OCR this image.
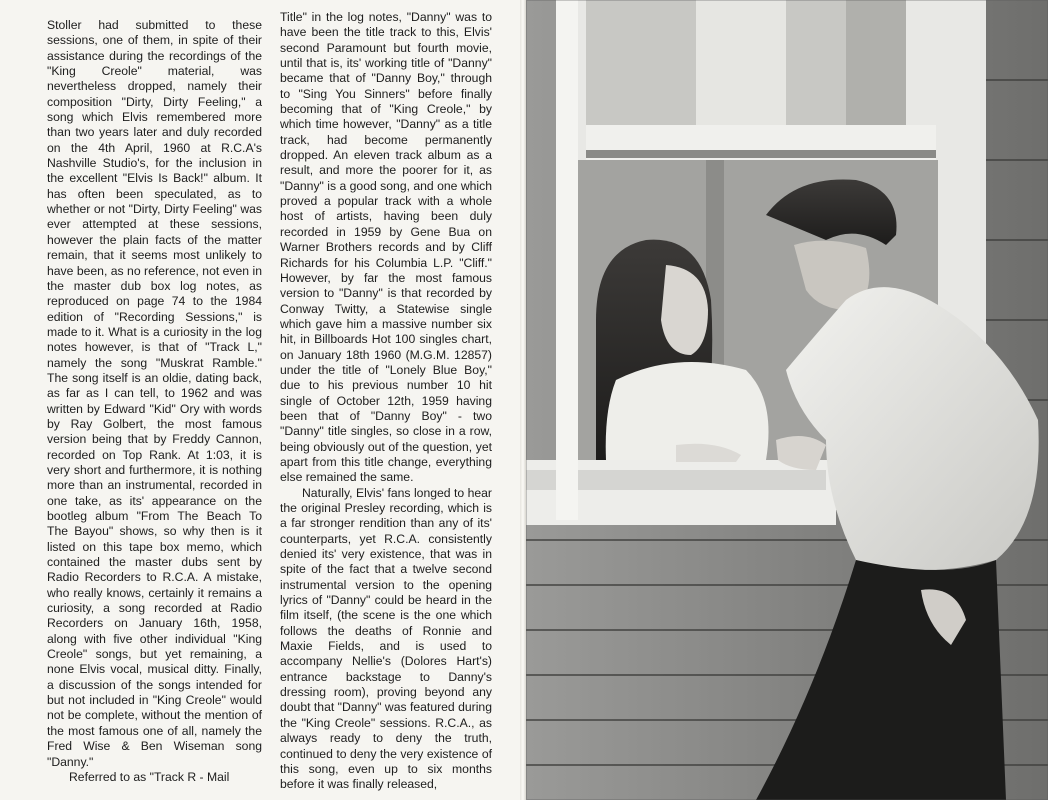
Stoller had submitted to these sessions, one of them, in spite of their assistance during the recordings of the "King Creole" material, was nevertheless dropped, namely their composition "Dirty, Dirty Feeling," a song which Elvis remembered more than two years later and duly recorded on the 4th April, 1960 at R.C.A's Nashville Studio's, for the inclusion in the excellent "Elvis Is Back!" album. It has often been speculated, as to whether or not "Dirty, Dirty Feeling" was ever attempted at these sessions, however the plain facts of the matter remain, that it seems most unlikely to have been, as no reference, not even in the master dub box log notes, as reproduced on page 74 to the 1984 edition of "Recording Sessions," is made to it. What is a curiosity in the log notes however, is that of "Track L," namely the song "Muskrat Ramble." The song itself is an oldie, dating back, as far as I can tell, to 1962 and was written by Edward "Kid" Ory with words by Ray Golbert, the most famous version being that by Freddy Cannon, recorded on Top Rank. At 1:03, it is very short and furthermore, it is nothing more than an instrumental, recorded in one take, as its' appearance on the bootleg album "From The Beach To The Bayou" shows, so why then is it listed on this tape box memo, which contained the master dubs sent by Radio Recorders to R.C.A. A mistake, who really knows, certainly it remains a curiosity, a song recorded at Radio Recorders on January 16th, 1958, along with five other individual "King Creole" songs, but yet remaining, a none Elvis vocal, musical ditty. Finally, a discussion of the songs intended for but not included in "King Creole" would not be complete, without the mention of the most famous one of all, namely the Fred Wise & Ben Wiseman song "Danny."

Referred to as "Track R - Mail

Title" in the log notes, "Danny" was to have been the title track to this, Elvis' second Paramount but fourth movie, until that is, its' working title of "Danny" became that of "Danny Boy," through to "Sing You Sinners" before finally becoming that of "King Creole," by which time however, "Danny" as a title track, had become permanently dropped. An eleven track album as a result, and more the poorer for it, as "Danny" is a good song, and one which proved a popular track with a whole host of artists, having been duly recorded in 1959 by Gene Bua on Warner Brothers records and by Cliff Richards for his Columbia L.P. "Cliff." However, by far the most famous version to "Danny" is that recorded by Conway Twitty, a Statewise single which gave him a massive number six hit, in Billboards Hot 100 singles chart, on January 18th 1960 (M.G.M. 12857) under the title of "Lonely Blue Boy," due to his previous number 10 hit single of October 12th, 1959 having been that of "Danny Boy" - two "Danny" title singles, so close in a row, being obviously out of the question, yet apart from this title change, everything else remained the same.

Naturally, Elvis' fans longed to hear the original Presley recording, which is a far stronger rendition than any of its' counterparts, yet R.C.A. consistently denied its' very existence, that was in spite of the fact that a twelve second instrumental version to the opening lyrics of "Danny" could be heard in the film itself, (the scene is the one which follows the deaths of Ronnie and Maxie Fields, and is used to accompany Nellie's (Dolores Hart's) entrance backstage to Danny's dressing room), proving beyond any doubt that "Danny" was featured during the "King Creole" sessions. R.C.A., as always ready to deny the truth, continued to deny the very existence of this song, even up to six months before it was finally released,
